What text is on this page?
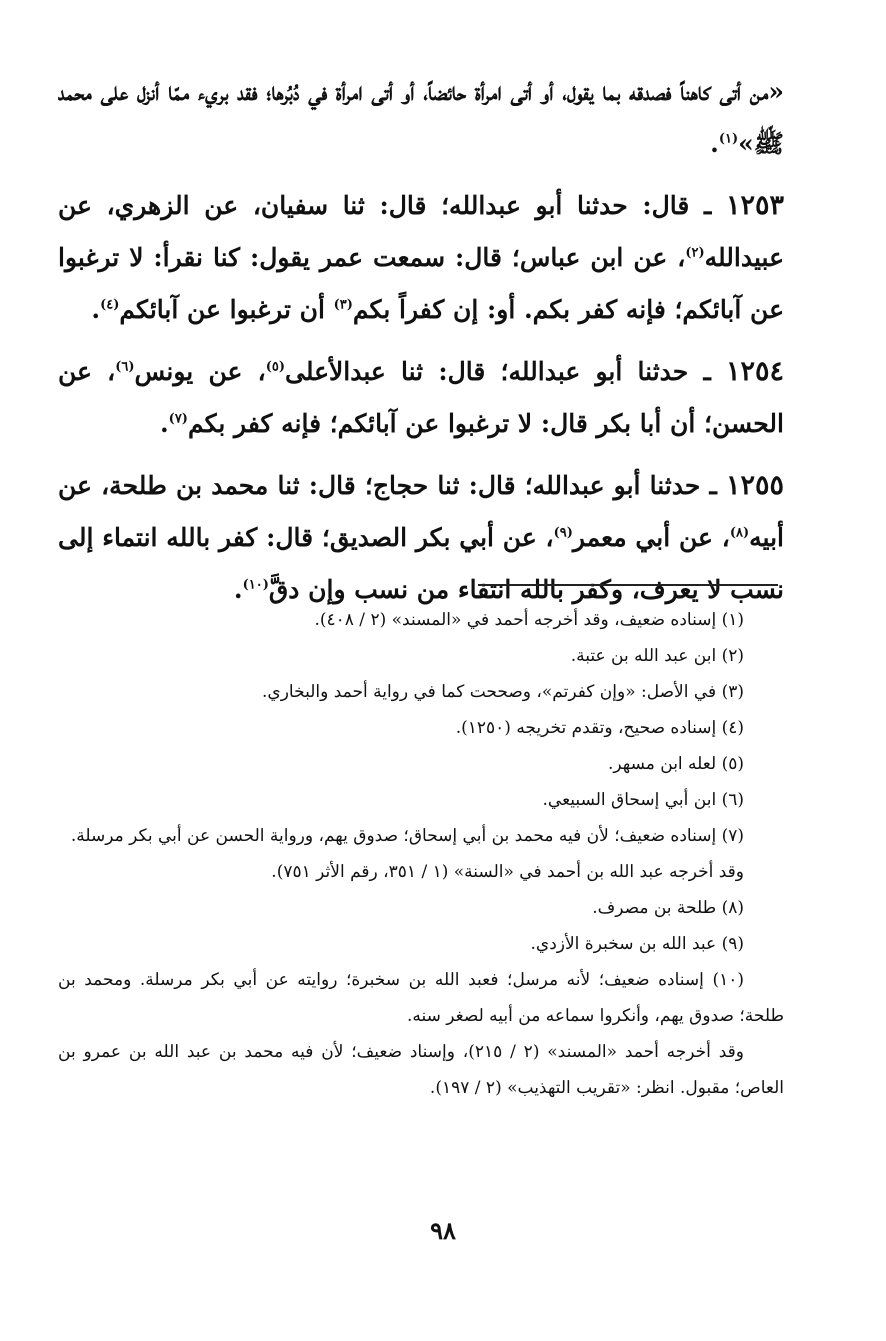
«من أتى كاهناً فصدقه بما يقول، أو أتى امرأة حائضاً، أو أتى امرأة في دُبُرها؛ فقد بريء ممّا أنزل على محمد ﷺ»$^{(١)}$.

١٢٥٣ ـ قال: حدثنا أبو عبدالله؛ قال: ثنا سفيان، عن الزهري، عن عبيدالله$^{(٢)}$، عن ابن عباس؛ قال: سمعت عمر يقول: كنا نقرأ: لا ترغبوا عن آبائكم؛ فإنه كفر بكم. أو: إن كفراً بكم$^{(٣)}$ أن ترغبوا عن آبائكم$^{(٤)}$.

١٢٥٤ ـ حدثنا أبو عبدالله؛ قال: ثنا عبدالأعلى$^{(٥)}$، عن يونس$^{(٦)}$، عن الحسن؛ أن أبا بكر قال: لا ترغبوا عن آبائكم؛ فإنه كفر بكم$^{(٧)}$.

١٢٥٥ ـ حدثنا أبو عبدالله؛ قال: ثنا حجاج؛ قال: ثنا محمد بن طلحة، عن أبيه$^{(٨)}$، عن أبي معمر$^{(٩)}$، عن أبي بكر الصديق؛ قال: كفر بالله انتماء إلى نسب لا يعرف، وكفر بالله انتفاء من نسب وإن دقَّ$^{(١٠)}$.

(١) إسناده ضعيف، وقد أخرجه أحمد في «المسند» (٢ / ٤٠٨).

(٢) ابن عبد الله بن عتبة.

(٣) في الأصل: «وإن كفرتم»، وصححت كما في رواية أحمد والبخاري.

(٤) إسناده صحيح، وتقدم تخريجه (١٢٥٠).

(٥) لعله ابن مسهر.

(٦) ابن أبي إسحاق السبيعي.

(٧) إسناده ضعيف؛ لأن فيه محمد بن أبي إسحاق؛ صدوق يهم، ورواية الحسن عن أبي بكر مرسلة.

وقد أخرجه عبد الله بن أحمد في «السنة» (١ / ٣٥١، رقم الأثر ٧٥١).

(٨) طلحة بن مصرف.

(٩) عبد الله بن سخبرة الأزدي.

(١٠) إسناده ضعيف؛ لأنه مرسل؛ فعبد الله بن سخبرة؛ روايته عن أبي بكر مرسلة. ومحمد بن طلحة؛ صدوق يهم، وأنكروا سماعه من أبيه لصغر سنه.

وقد أخرجه أحمد «المسند» (٢ / ٢١٥)، وإسناد ضعيف؛ لأن فيه محمد بن عبد الله بن عمرو بن العاص؛ مقبول. انظر: «تقريب التهذيب» (٢ / ١٩٧).

٩٨
